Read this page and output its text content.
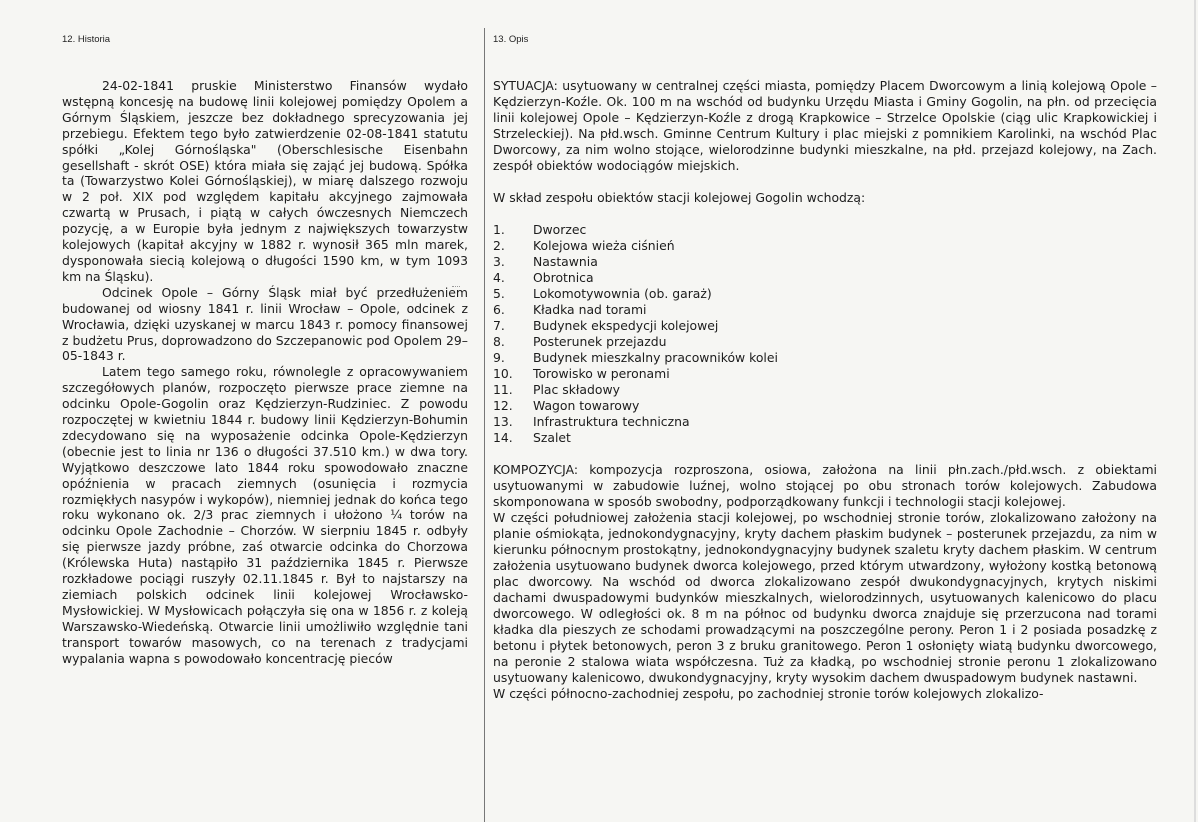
12. Historia

24-02-1841 pruskie Ministerstwo Finansów wydało wstępną koncesję na budowę linii kolejowej pomiędzy Opolem a Górnym Śląskiem, jeszcze bez dokładnego sprecyzowania jej przebiegu. Efektem tego było zatwierdzenie 02-08-1841 statutu spółki „Kolej Górnośląska" (Oberschlesische Eisenbahn gesellshaft - skrót OSE) która miała się zająć jej budową. Spółka ta (Towarzystwo Kolei Górnośląskiej), w miarę dalszego rozwoju w 2 poł. XIX pod względem kapitału akcyjnego zajmowała czwartą w Prusach, i piątą w całych ówczesnych Niemczech pozycję, a w Europie była jednym z największych towarzystw kolejowych (kapitał akcyjny w 1882 r. wynosił 365 mln marek, dysponowała siecią kolejową o długości 1590 km, w tym 1093 km na Śląsku).

Odcinek Opole – Górny Śląsk miał być przedłużeniem budowanej od wiosny 1841 r. linii Wrocław – Opole, odcinek z Wrocławia, dzięki uzyskanej w marcu 1843 r. pomocy finansowej z budżetu Prus, doprowadzono do Szczepanowic pod Opolem 29–05-1843 r.

Latem tego samego roku, równolegle z opracowywaniem szczegółowych planów, rozpoczęto pierwsze prace ziemne na odcinku Opole-Gogolin oraz Kędzierzyn-Rudziniec. Z powodu rozpoczętej w kwietniu 1844 r. budowy linii Kędzierzyn-Bohumin zdecydowano się na wyposażenie odcinka Opole-Kędzierzyn (obecnie jest to linia nr 136 o długości 37.510 km.) w dwa tory. Wyjątkowo deszczowe lato 1844 roku spowodowało znaczne opóźnienia w pracach ziemnych (osunięcia i rozmycia rozmiękłych nasypów i wykopów), niemniej jednak do końca tego roku wykonano ok. 2/3 prac ziemnych i ułożono ¼ torów na odcinku Opole Zachodnie – Chorzów. W sierpniu 1845 r. odbyły się pierwsze jazdy próbne, zaś otwarcie odcinka do Chorzowa (Królewska Huta) nastąpiło 31 października 1845 r. Pierwsze rozkładowe pociągi ruszyły 02.11.1845 r. Był to najstarszy na ziemiach polskich odcinek linii kolejowej Wrocławsko-Mysłowickiej. W Mysłowicach połączyła się ona w 1856 r. z koleją Warszawsko-Wiedeńską. Otwarcie linii umożliwiło względnie tani transport towarów masowych, co na terenach z tradycjami wypalania wapna s powodowało koncentrację pieców

13. Opis

SYTUACJA: usytuowany w centralnej części miasta, pomiędzy Placem Dworcowym a linią kolejową Opole – Kędzierzyn-Koźle. Ok. 100 m na wschód od budynku Urzędu Miasta i Gminy Gogolin, na płn. od przecięcia linii kolejowej Opole – Kędzierzyn-Koźle z drogą Krapkowice – Strzelce Opolskie (ciąg ulic Krapkowickiej i Strzeleckiej). Na płd.wsch. Gminne Centrum Kultury i plac miejski z pomnikiem Karolinki, na wschód Plac Dworcowy, za nim wolno stojące, wielorodzinne budynki mieszkalne, na płd. przejazd kolejowy, na Zach. zespół obiektów wodociągów miejskich.

W skład zespołu obiektów stacji kolejowej Gogolin wchodzą:

1.	Dworzec
2.	Kolejowa wieża ciśnień
3.	Nastawnia
4.	Obrotnica
5.	Lokomotywownia (ob. garaż)
6.	Kładka nad torami
7.	Budynek ekspedycji kolejowej
8.	Posterunek przejazdu
9.	Budynek mieszkalny pracowników kolei
10.	Torowisko w peronami
11.	Plac składowy
12.	Wagon towarowy
13.	Infrastruktura techniczna
14.	Szalet

KOMPOZYCJA: kompozycja rozproszona, osiowa, założona na linii płn.zach./płd.wsch. z obiektami usytuowanymi w zabudowie luźnej, wolno stojącej po obu stronach torów kolejowych. Zabudowa skomponowana w sposób swobodny, podporządkowany funkcji i technologii stacji kolejowej.

W części południowej założenia stacji kolejowej, po wschodniej stronie torów, zlokalizowano założony na planie ośmiokąta, jednokondygnacyjny, kryty dachem płaskim budynek – posterunek przejazdu, za nim w kierunku północnym prostokątny, jednokondygnacyjny budynek szaletu kryty dachem płaskim. W centrum założenia usytuowano budynek dworca kolejowego, przed którym utwardzony, wyłożony kostką betonową plac dworcowy. Na wschód od dworca zlokalizowano zespół dwukondygnacyjnych, krytych niskimi dachami dwuspadowymi budynków mieszkalnych, wielorodzinnych, usytuowanych kalenicowo do placu dworcowego. W odległości ok. 8 m na północ od budynku dworca znajduje się przerzucona nad torami kładka dla pieszych ze schodami prowadzącymi na poszczególne perony. Peron 1 i 2 posiada posadzkę z betonu i płytek betonowych, peron 3 z bruku granitowego. Peron 1 osłonięty wiatą budynku dworcowego, na peronie 2 stalowa wiata współczesna. Tuż za kładką, po wschodniej stronie peronu 1 zlokalizowano usytuowany kalenicowo, dwukondygnacyjny, kryty wysokim dachem dwuspadowym budynek nastawni.

W części północno-zachodniej zespołu, po zachodniej stronie torów kolejowych zlokalizo-
